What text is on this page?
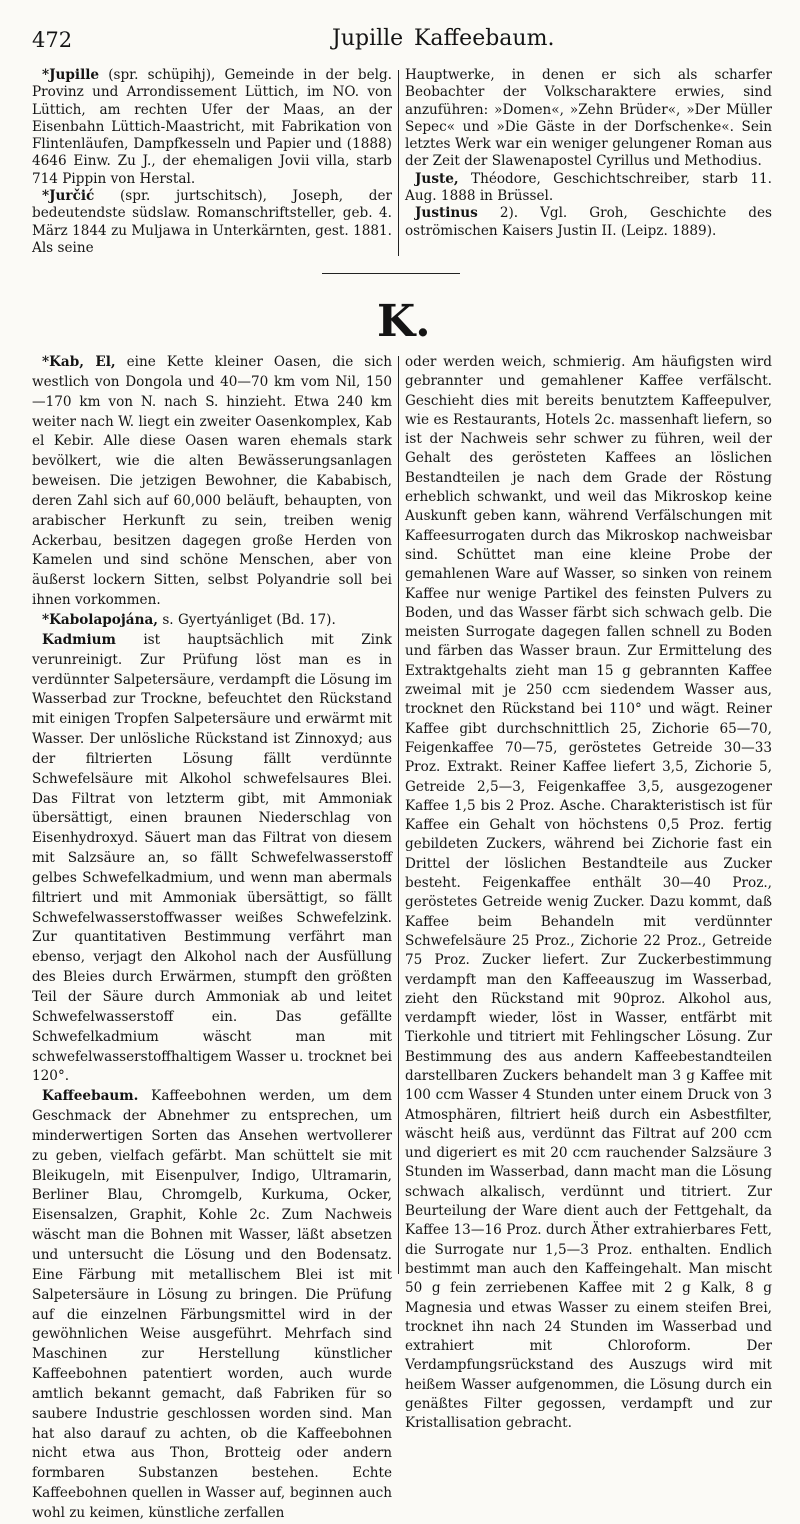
472	Jupille Kaffeebaum.

*Jupille (spr. schüpihj), Gemeinde in der belg. Provinz und Arrondissement Lüttich, im NO. von Lüttich, am rechten Ufer der Maas, an der Eisenbahn Lüttich-Maastricht, mit Fabrikation von Flintenläufen, Dampfkesseln und Papier und (1888) 4646 Einw. Zu J., der ehemaligen Jovii villa, starb 714 Pippin von Herstal.

*Jurčić (spr. jurtschitsch), Joseph, der bedeutendste südslaw. Romanschriftsteller, geb. 4. März 1844 zu Muljawa in Unterkärnten, gest. 1881. Als seine

Hauptwerke, in denen er sich als scharfer Beobachter der Volkscharaktere erwies, sind anzuführen: »Domen«, »Zehn Brüder«, »Der Müller Sepec« und »Die Gäste in der Dorfschenke«. Sein letztes Werk war ein weniger gelungener Roman aus der Zeit der Slawenapostel Cyrillus und Methodius.

Juste, Théodore, Geschichtschreiber, starb 11. Aug. 1888 in Brüssel.

Justinus 2). Vgl. Groh, Geschichte des oströmischen Kaisers Justin II. (Leipz. 1889).

K.

*Kab, El, eine Kette kleiner Oasen, die sich westlich von Dongola und 40—70 km vom Nil, 150—170 km von N. nach S. hinzieht. Etwa 240 km weiter nach W. liegt ein zweiter Oasenkomplex, Kab el Kebir. Alle diese Oasen waren ehemals stark bevölkert, wie die alten Bewässerungsanlagen beweisen. Die jetzigen Bewohner, die Kababisch, deren Zahl sich auf 60,000 beläuft, behaupten, von arabischer Herkunft zu sein, treiben wenig Ackerbau, besitzen dagegen große Herden von Kamelen und sind schöne Menschen, aber von äußerst lockern Sitten, selbst Polyandrie soll bei ihnen vorkommen.

*Kabolapojána, s. Gyertyánliget (Bd. 17).

Kadmium ist hauptsächlich mit Zink verunreinigt. Zur Prüfung löst man es in verdünnter Salpetersäure, verdampft die Lösung im Wasserbad zur Trockne, befeuchtet den Rückstand mit einigen Tropfen Salpetersäure und erwärmt mit Wasser. Der unlösliche Rückstand ist Zinnoxyd; aus der filtrierten Lösung fällt verdünnte Schwefelsäure mit Alkohol schwefelsaures Blei. Das Filtrat von letzterm gibt, mit Ammoniak übersättigt, einen braunen Niederschlag von Eisenhydroxyd. Säuert man das Filtrat von diesem mit Salzsäure an, so fällt Schwefelwasserstoff gelbes Schwefelkadmium, und wenn man abermals filtriert und mit Ammoniak übersättigt, so fällt Schwefelwasserstoffwasser weißes Schwefelzink. Zur quantitativen Bestimmung verfährt man ebenso, verjagt den Alkohol nach der Ausfüllung des Bleies durch Erwärmen, stumpft den größten Teil der Säure durch Ammoniak ab und leitet Schwefelwasserstoff ein. Das gefällte Schwefelkadmium wäscht man mit schwefelwasserstoffhaltigem Wasser u. trocknet bei 120°.

Kaffeebaum. Kaffeebohnen werden, um dem Geschmack der Abnehmer zu entsprechen, um minderwertigen Sorten das Ansehen wertvollerer zu geben, vielfach gefärbt. Man schüttelt sie mit Bleikugeln, mit Eisenpulver, Indigo, Ultramarin, Berliner Blau, Chromgelb, Kurkuma, Ocker, Eisensalzen, Graphit, Kohle 2c. Zum Nachweis wäscht man die Bohnen mit Wasser, läßt absetzen und untersucht die Lösung und den Bodensatz. Eine Färbung mit metallischem Blei ist mit Salpetersäure in Lösung zu bringen. Die Prüfung auf die einzelnen Färbungsmittel wird in der gewöhnlichen Weise ausgeführt. Mehrfach sind Maschinen zur Herstellung künstlicher Kaffeebohnen patentiert worden, auch wurde amtlich bekannt gemacht, daß Fabriken für so saubere Industrie geschlossen worden sind. Man hat also darauf zu achten, ob die Kaffeebohnen nicht etwa aus Thon, Brotteig oder andern formbaren Substanzen bestehen. Echte Kaffeebohnen quellen in Wasser auf, beginnen auch wohl zu keimen, künstliche zerfallen

oder werden weich, schmierig. Am häufigsten wird gebrannter und gemahlener Kaffee verfälscht. Geschieht dies mit bereits benutztem Kaffeepulver, wie es Restaurants, Hotels 2c. massenhaft liefern, so ist der Nachweis sehr schwer zu führen, weil der Gehalt des gerösteten Kaffees an löslichen Bestandteilen je nach dem Grade der Röstung erheblich schwankt, und weil das Mikroskop keine Auskunft geben kann, während Verfälschungen mit Kaffeesurrogaten durch das Mikroskop nachweisbar sind. Schüttet man eine kleine Probe der gemahlenen Ware auf Wasser, so sinken von reinem Kaffee nur wenige Partikel des feinsten Pulvers zu Boden, und das Wasser färbt sich schwach gelb. Die meisten Surrogate dagegen fallen schnell zu Boden und färben das Wasser braun. Zur Ermittelung des Extraktgehalts zieht man 15 g gebrannten Kaffee zweimal mit je 250 ccm siedendem Wasser aus, trocknet den Rückstand bei 110° und wägt. Reiner Kaffee gibt durchschnittlich 25, Zichorie 65—70, Feigenkaffee 70—75, geröstetes Getreide 30—33 Proz. Extrakt. Reiner Kaffee liefert 3,5, Zichorie 5, Getreide 2,5—3, Feigenkaffee 3,5, ausgezogener Kaffee 1,5 bis 2 Proz. Asche. Charakteristisch ist für Kaffee ein Gehalt von höchstens 0,5 Proz. fertig gebildeten Zuckers, während bei Zichorie fast ein Drittel der löslichen Bestandteile aus Zucker besteht. Feigenkaffee enthält 30—40 Proz., geröstetes Getreide wenig Zucker. Dazu kommt, daß Kaffee beim Behandeln mit verdünnter Schwefelsäure 25 Proz., Zichorie 22 Proz., Getreide 75 Proz. Zucker liefert. Zur Zuckerbestimmung verdampft man den Kaffeeauszug im Wasserbad, zieht den Rückstand mit 90proz. Alkohol aus, verdampft wieder, löst in Wasser, entfärbt mit Tierkohle und titriert mit Fehlingscher Lösung. Zur Bestimmung des aus andern Kaffeebestandteilen darstellbaren Zuckers behandelt man 3 g Kaffee mit 100 ccm Wasser 4 Stunden unter einem Druck von 3 Atmosphären, filtriert heiß durch ein Asbestfilter, wäscht heiß aus, verdünnt das Filtrat auf 200 ccm und digeriert es mit 20 ccm rauchender Salzsäure 3 Stunden im Wasserbad, dann macht man die Lösung schwach alkalisch, verdünnt und titriert. Zur Beurteilung der Ware dient auch der Fettgehalt, da Kaffee 13—16 Proz. durch Äther extrahierbares Fett, die Surrogate nur 1,5—3 Proz. enthalten. Endlich bestimmt man auch den Kaffeingehalt. Man mischt 50 g fein zerriebenen Kaffee mit 2 g Kalk, 8 g Magnesia und etwas Wasser zu einem steifen Brei, trocknet ihn nach 24 Stunden im Wasserbad und extrahiert mit Chloroform. Der Verdampfungsrückstand des Auszugs wird mit heißem Wasser aufgenommen, die Lösung durch ein genäßtes Filter gegossen, verdampft und zur Kristallisation gebracht.
